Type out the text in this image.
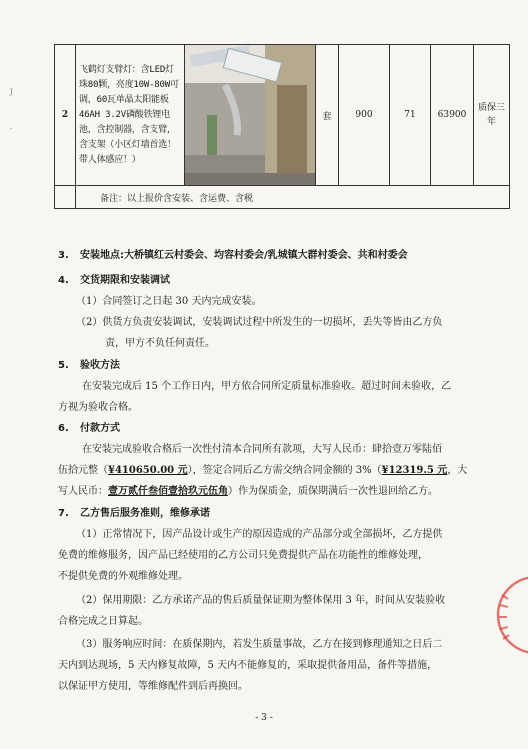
2	飞鹤灯支臂灯：含LED灯珠80颗，亮度10W-80W可调，60瓦单晶太阳能板46AH 3.2V磷酸铁锂电池，含控制器，含支臂，含支架（小区灯墙首选！带人体感应！）		套	900	71	63900	质保三年
	备注：以上报价含安装、含运费、含税						
3. 安装地点:大桥镇红云村委会、均容村委会/乳城镇大群村委会、共和村委会
4. 交货期限和安装调试
（1）合同签订之日起 30 天内完成安装。
（2）供货方负责安装调试，安装调试过程中所发生的一切损坏，丢失等皆由乙方负
责，甲方不负任何责任。
5. 验收方法
在安装完成后 15 个工作日内，甲方依合同所定质量标准验收。超过时间未验收，乙
方视为验收合格。
6. 付款方式
在安装完成验收合格后一次性付清本合同所有款项，大写人民币：肆拾壹万零陆佰
伍拾元整（¥410650.00 元），签定合同后乙方需交纳合同金额的 3%（¥12319.5 元，大
写人民币：壹万贰仟叁佰壹拾玖元伍角）作为保质金，质保期满后一次性退回给乙方。
7. 乙方售后服务准则，维修承诺
（1）正常情况下，因产品设计或生产的原因造成的产品部分或全部损坏，乙方提供
免费的维修服务，因产品已经使用的乙方公司只免费提供产品在功能性的维修处理，
不提供免费的外观维修处理。
（2）保用期限：乙方承诺产品的售后质量保证期为整体保用 3 年，时间从安装验收
合格完成之日算起。
（3）服务响应时间：在质保期内，若发生质量事故，乙方在接到修理通知之日后二
天内到达现场，5 天内修复故障，5 天内不能修复的，采取提供备用品，备件等措施，
以保证甲方使用，等维修配件到后再换回。
- 3 -
J
-
